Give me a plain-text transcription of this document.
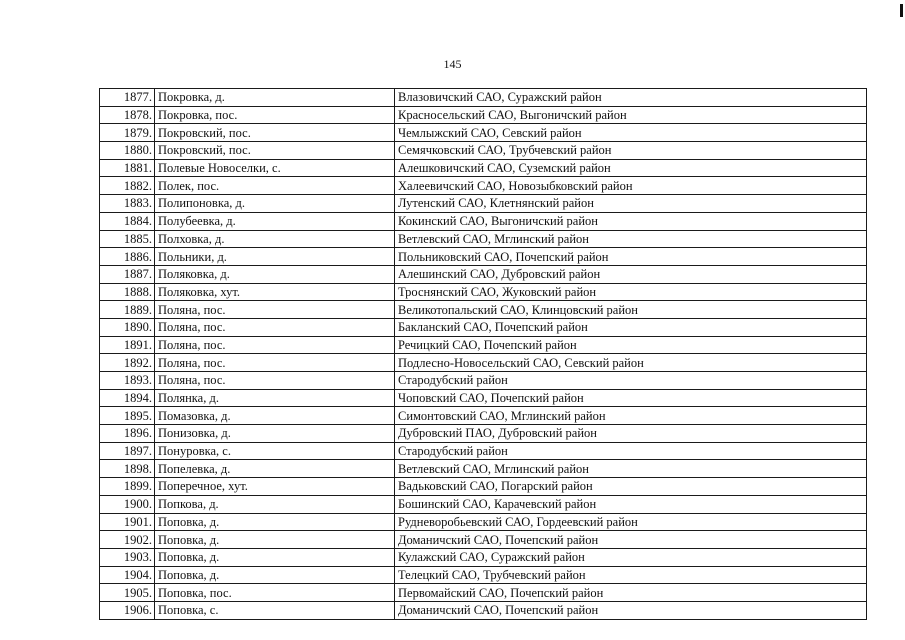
145
1877.	Покровка, д.	Влазовичский САО, Суражский район
1878.	Покровка, пос.	Красносельский САО, Выгоничский район
1879.	Покровский, пос.	Чемлыжский САО, Севский район
1880.	Покровский, пос.	Семячковский САО, Трубчевский район
1881.	Полевые Новоселки, с.	Алешковичский САО, Суземский район
1882.	Полек, пос.	Халеевичский САО, Новозыбковский район
1883.	Полипоновка, д.	Лутенский САО, Клетнянский район
1884.	Полубеевка, д.	Кокинский САО, Выгоничский район
1885.	Полховка, д.	Ветлевский САО, Мглинский район
1886.	Польники, д.	Польниковский САО, Почепский район
1887.	Поляковка, д.	Алешинский САО, Дубровский район
1888.	Поляковка, хут.	Троснянский САО, Жуковский район
1889.	Поляна, пос.	Великотопальский САО, Клинцовский район
1890.	Поляна, пос.	Бакланский САО, Почепский район
1891.	Поляна, пос.	Речицкий САО, Почепский район
1892.	Поляна, пос.	Подлесно-Новосельский САО, Севский район
1893.	Поляна, пос.	Стародубский район
1894.	Полянка, д.	Чоповский САО, Почепский район
1895.	Помазовка, д.	Симонтовский САО, Мглинский район
1896.	Понизовка, д.	Дубровский ПАО, Дубровский район
1897.	Понуровка, с.	Стародубский район
1898.	Попелевка, д.	Ветлевский САО, Мглинский район
1899.	Поперечное, хут.	Вадьковский САО, Погарский район
1900.	Попкова, д.	Бошинский САО, Карачевский район
1901.	Поповка, д.	Рудневоробьевский САО, Гордеевский район
1902.	Поповка, д.	Доманичский САО, Почепский район
1903.	Поповка, д.	Кулажский САО, Суражский район
1904.	Поповка, д.	Телецкий САО, Трубчевский район
1905.	Поповка, пос.	Первомайский САО, Почепский район
1906.	Поповка, с.	Доманичский САО, Почепский район
